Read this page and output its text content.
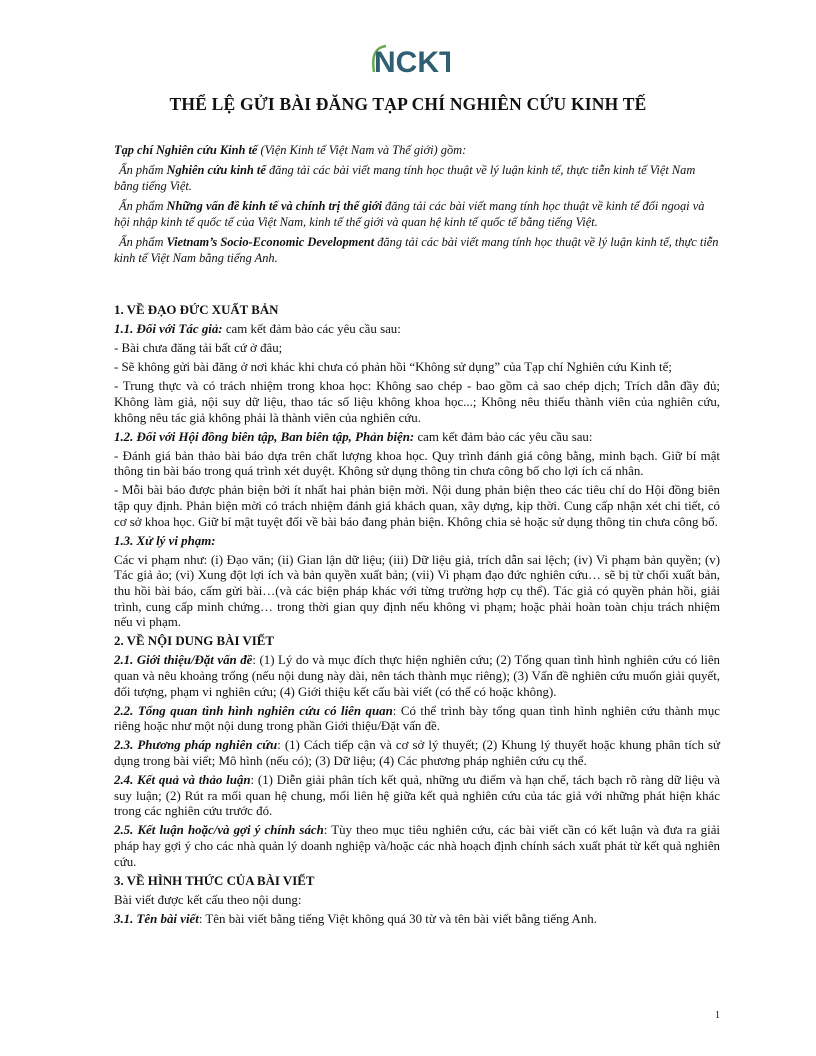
NCKT
THỂ LỆ GỬI BÀI ĐĂNG TẠP CHÍ NGHIÊN CỨU KINH TẾ

Tạp chí Nghiên cứu Kinh tế (Viện Kinh tế Việt Nam và Thế giới) gồm:

Ấn phẩm Nghiên cứu kinh tế đăng tải các bài viết mang tính học thuật về lý luận kinh tế, thực tiễn kinh tế Việt Nam bằng tiếng Việt.

Ấn phẩm Những vấn đề kinh tế và chính trị thế giới đăng tải các bài viết mang tính học thuật về kinh tế đối ngoại và hội nhập kinh tế quốc tế của Việt Nam, kinh tế thế giới và quan hệ kinh tế quốc tế bằng tiếng Việt.

Ấn phẩm Vietnam’s Socio-Economic Development đăng tải các bài viết mang tính học thuật về lý luận kinh tế, thực tiễn kinh tế Việt Nam bằng tiếng Anh.

1. VỀ ĐẠO ĐỨC XUẤT BẢN

1.1. Đối với Tác giả: cam kết đảm bảo các yêu cầu sau:

- Bài chưa đăng tải bất cứ ở đâu;

- Sẽ không gửi bài đăng ở nơi khác khi chưa có phản hồi “Không sử dụng” của Tạp chí Nghiên cứu Kinh tế;

- Trung thực và có trách nhiệm trong khoa học: Không sao chép - bao gồm cả sao chép dịch; Trích dẫn đầy đủ; Không làm giả, nội suy dữ liệu, thao tác số liệu không khoa học...; Không nêu thiếu thành viên của nghiên cứu, không nêu tác giả không phải là thành viên của nghiên cứu.

1.2. Đối với Hội đồng biên tập, Ban biên tập, Phản biện: cam kết đảm bảo các yêu cầu sau:

- Đánh giá bản thảo bài báo dựa trên chất lượng khoa học. Quy trình đánh giá công bằng, minh bạch. Giữ bí mật thông tin bài báo trong quá trình xét duyệt. Không sử dụng thông tin chưa công bố cho lợi ích cá nhân.

- Mỗi bài báo được phản biện bởi ít nhất hai phản biện mời. Nội dung phản biện theo các tiêu chí do Hội đồng biên tập quy định. Phản biện mời có trách nhiệm đánh giá khách quan, xây dựng, kịp thời. Cung cấp nhận xét chi tiết, có cơ sở khoa học. Giữ bí mật tuyệt đối về bài báo đang phản biện. Không chia sẻ hoặc sử dụng thông tin chưa công bố.

1.3. Xử lý vi phạm:

Các vi phạm như: (i) Đạo văn; (ii) Gian lận dữ liệu; (iii) Dữ liệu giả, trích dẫn sai lệch; (iv) Vi phạm bản quyền; (v) Tác giả ảo; (vi) Xung đột lợi ích và bản quyền xuất bản; (vii) Vi phạm đạo đức nghiên cứu… sẽ bị từ chối xuất bản, thu hồi bài báo, cấm gửi bài…(và các biện pháp khác với từng trường hợp cụ thể). Tác giả có quyền phản hồi, giải trình, cung cấp minh chứng… trong thời gian quy định nếu không vi phạm; hoặc phải hoàn toàn chịu trách nhiệm nếu vi phạm.

2. VỀ NỘI DUNG BÀI VIẾT

2.1. Giới thiệu/Đặt vấn đề: (1) Lý do và mục đích thực hiện nghiên cứu; (2) Tổng quan tình hình nghiên cứu có liên quan và nêu khoảng trống (nếu nội dung này dài, nên tách thành mục riêng); (3) Vấn đề nghiên cứu muốn giải quyết, đối tượng, phạm vi nghiên cứu; (4) Giới thiệu kết cấu bài viết (có thể có hoặc không).

2.2. Tổng quan tình hình nghiên cứu có liên quan: Có thể trình bày tổng quan tình hình nghiên cứu thành mục riêng hoặc như một nội dung trong phần Giới thiệu/Đặt vấn đề.

2.3. Phương pháp nghiên cứu: (1) Cách tiếp cận và cơ sở lý thuyết; (2) Khung lý thuyết hoặc khung phân tích sử dụng trong bài viết; Mô hình (nếu có); (3) Dữ liệu; (4) Các phương pháp nghiên cứu cụ thể.

2.4. Kết quả và thảo luận: (1) Diễn giải phân tích kết quả, những ưu điểm và hạn chế, tách bạch rõ ràng dữ liệu và suy luận; (2) Rút ra mối quan hệ chung, mối liên hệ giữa kết quả nghiên cứu của tác giả với những phát hiện khác trong các nghiên cứu trước đó.

2.5. Kết luận hoặc/và gợi ý chính sách: Tùy theo mục tiêu nghiên cứu, các bài viết cần có kết luận và đưa ra giải pháp hay gợi ý cho các nhà quản lý doanh nghiệp và/hoặc các nhà hoạch định chính sách xuất phát từ kết quả nghiên cứu.

3. VỀ HÌNH THỨC CỦA BÀI VIẾT

Bài viết được kết cấu theo nội dung:

3.1. Tên bài viết: Tên bài viết bằng tiếng Việt không quá 30 từ và tên bài viết bằng tiếng Anh.

1
